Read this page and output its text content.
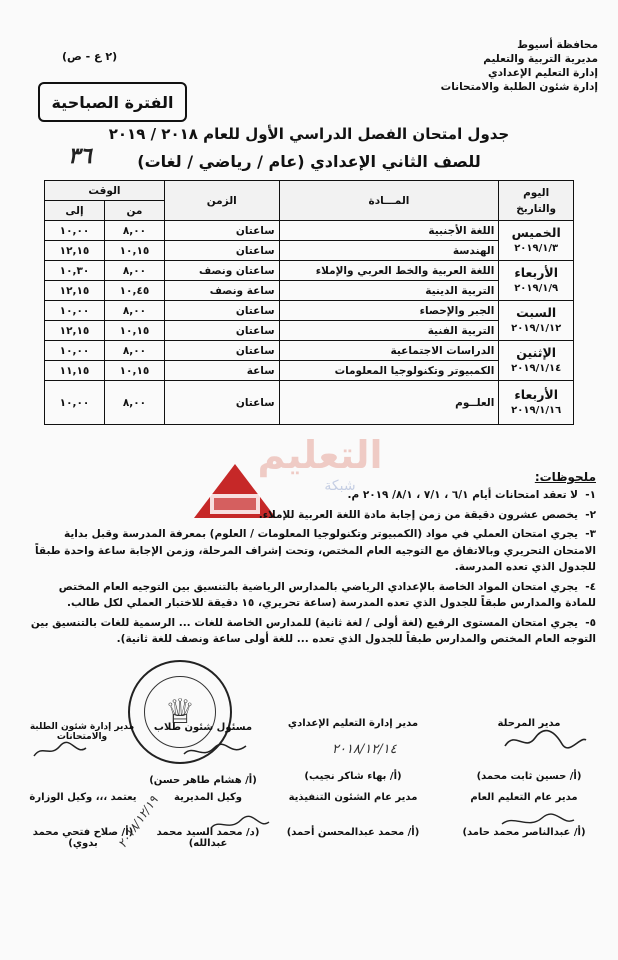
محافظة أسيوط
مديرية التربية والتعليم
إدارة التعليم الإعدادي
إدارة شئون الطلبة والامتحانات
(٢ ع - ص)
الفترة الصباحية
جدول امتحان الفصل الدراسي الأول للعام ٢٠١٨ / ٢٠١٩
للصف الثاني الإعدادي (عام / رياضي / لغات)
٣٦
اليوم والتاريخ	المـــادة	الزمن	الوقت	
			من	إلى

الخميس
٢٠١٩/١/٣	اللغة الأجنبية	ساعتان	٨,٠٠	١٠,٠٠
	الهندسة	ساعتان	١٠,١٥	١٢,١٥

الأربعاء
٢٠١٩/١/٩	اللغة العربية والخط العربي والإملاء	ساعتان ونصف	٨,٠٠	١٠,٣٠
	التربية الدينية	ساعة ونصف	١٠,٤٥	١٢,١٥

السبت
٢٠١٩/١/١٢	الجبر والإحصاء	ساعتان	٨,٠٠	١٠,٠٠
	التربية الفنية	ساعتان	١٠,١٥	١٢,١٥

الإثنين
٢٠١٩/١/١٤	الدراسات الاجتماعية	ساعتان	٨,٠٠	١٠,٠٠
	الكمبيوتر وتكنولوجيا المعلومات	ساعة	١٠,١٥	١١,١٥

الأربعاء
٢٠١٩/١/١٦	العلــوم	ساعتان	٨,٠٠	١٠,٠٠
التعليم
شبكة
ملحوظات:
١-لا تعقد امتحانات أيام ٦/١ ، ٧/١ ، ٨/١/ ٢٠١٩ م.
٢-يخصص عشرون دقيقة من زمن إجابة مادة اللغة العربية للإملاء.
٣-يجري امتحان العملي في مواد (الكمبيوتر وتكنولوجيا المعلومات / العلوم) بمعرفة المدرسة وقبل بداية الامتحان التحريري وبالاتفاق مع التوجيه العام المختص، وتحت إشراف المرحلة، وزمن الإجابة ساعة واحدة طبقاً للجدول الذي تعده المدرسة.
٤-يجري امتحان المواد الخاصة بالإعدادي الرياضي بالمدارس الرياضية بالتنسيق بين التوجيه العام المختص للمادة والمدارس طبقاً للجدول الذي تعده المدرسة (ساعة تحريري، ١٥ دقيقة للاختبار العملي لكل طالب.
٥-يجري امتحان المستوى الرفيع (لغة أولى / لغة ثانية) للمدارس الخاصة للغات ... الرسمية للغات بالتنسيق بين التوجه العام المختص والمدارس طبقاً للجدول الذي تعده ... للغة أولى ساعة ونصف للغة ثانية).
♕	مدير المرحلة
(أ/ حسين ثابت محمد)
مدير إدارة التعليم الإعدادي
(أ/ بهاء شاكر نجيب)
مسئول شئون طلاب
(أ/ هشام طاهر حسن)
مدير إدارة شئون الطلبة والامتحانات
مدير عام التعليم العام
(أ/ عبدالناصر محمد حامد)
مدير عام الشئون التنفيذية
(أ/ محمد عبدالمحسن أحمد)
وكيل المديرية
(د/ محمد السيد محمد عبدالله)
يعتمد ،،، وكيل الوزارة
(أ/ صلاح فتحي محمد بدوي)
٢٠١٨/١٢/١٤
٢٠١٨/١٢/١٩
